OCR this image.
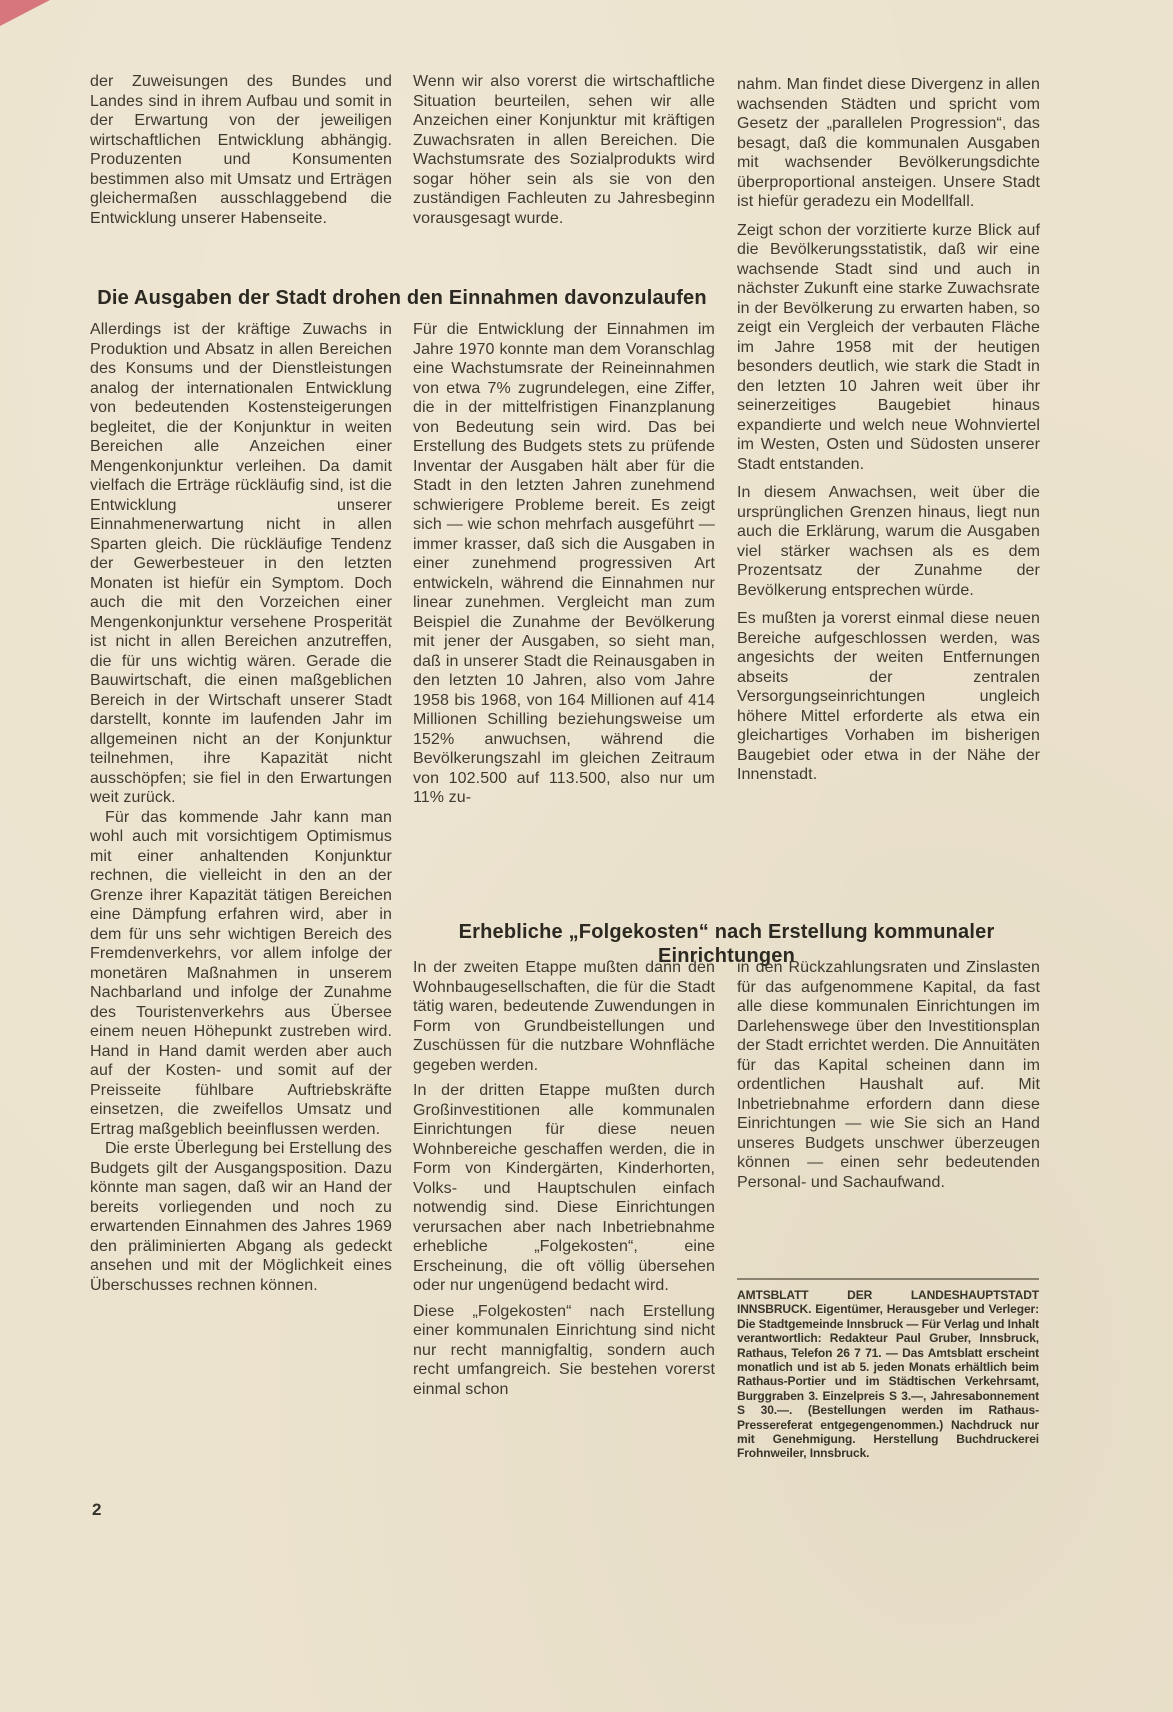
der Zuweisungen des Bundes und Landes sind in ihrem Aufbau und somit in der Erwartung von der jeweiligen wirtschaftlichen Entwicklung abhängig. Produzenten und Konsumenten bestimmen also mit Umsatz und Erträgen gleichermaßen ausschlaggebend die Entwicklung unserer Habenseite.

Wenn wir also vorerst die wirtschaftliche Situation beurteilen, sehen wir alle Anzeichen einer Konjunktur mit kräftigen Zuwachsraten in allen Bereichen. Die Wachstumsrate des Sozialprodukts wird sogar höher sein als sie von den zuständigen Fachleuten zu Jahresbeginn vorausgesagt wurde.

nahm. Man findet diese Divergenz in allen wachsenden Städten und spricht vom Gesetz der „parallelen Progression“, das besagt, daß die kommunalen Ausgaben mit wachsender Bevölkerungsdichte überproportional ansteigen. Unsere Stadt ist hiefür geradezu ein Modellfall.

Zeigt schon der vorzitierte kurze Blick auf die Bevölkerungsstatistik, daß wir eine wachsende Stadt sind und auch in nächster Zukunft eine starke Zuwachsrate in der Bevölkerung zu erwarten haben, so zeigt ein Vergleich der verbauten Fläche im Jahre 1958 mit der heutigen besonders deutlich, wie stark die Stadt in den letzten 10 Jahren weit über ihr seinerzeitiges Baugebiet hinaus expandierte und welch neue Wohnviertel im Westen, Osten und Südosten unserer Stadt entstanden.

In diesem Anwachsen, weit über die ursprünglichen Grenzen hinaus, liegt nun auch die Erklärung, warum die Ausgaben viel stärker wachsen als es dem Prozentsatz der Zunahme der Bevölkerung entsprechen würde.

Es mußten ja vorerst einmal diese neuen Bereiche aufgeschlossen werden, was angesichts der weiten Entfernungen abseits der zentralen Versorgungseinrichtungen ungleich höhere Mittel erforderte als etwa ein gleichartiges Vorhaben im bisherigen Baugebiet oder etwa in der Nähe der Innenstadt.

Die Ausgaben der Stadt drohen den Einnahmen davonzulaufen

Allerdings ist der kräftige Zuwachs in Produktion und Absatz in allen Bereichen des Konsums und der Dienstleistungen analog der internationalen Entwicklung von bedeutenden Kostensteigerungen begleitet, die der Konjunktur in weiten Bereichen alle Anzeichen einer Mengenkonjunktur verleihen. Da damit vielfach die Erträge rückläufig sind, ist die Entwicklung unserer Einnahmenerwartung nicht in allen Sparten gleich. Die rückläufige Tendenz der Gewerbesteuer in den letzten Monaten ist hiefür ein Symptom. Doch auch die mit den Vorzeichen einer Mengenkonjunktur versehene Prosperität ist nicht in allen Bereichen anzutreffen, die für uns wichtig wären. Gerade die Bauwirtschaft, die einen maßgeblichen Bereich in der Wirtschaft unserer Stadt darstellt, konnte im laufenden Jahr im allgemeinen nicht an der Konjunktur teilnehmen, ihre Kapazität nicht ausschöpfen; sie fiel in den Erwartungen weit zurück.

Für das kommende Jahr kann man wohl auch mit vorsichtigem Optimismus mit einer anhaltenden Konjunktur rechnen, die vielleicht in den an der Grenze ihrer Kapazität tätigen Bereichen eine Dämpfung erfahren wird, aber in dem für uns sehr wichtigen Bereich des Fremdenverkehrs, vor allem infolge der monetären Maßnahmen in unserem Nachbarland und infolge der Zunahme des Touristenverkehrs aus Übersee einem neuen Höhepunkt zustreben wird. Hand in Hand damit werden aber auch auf der Kosten- und somit auf der Preisseite fühlbare Auftriebskräfte einsetzen, die zweifellos Umsatz und Ertrag maßgeblich beeinflussen werden.

Die erste Überlegung bei Erstellung des Budgets gilt der Ausgangsposition. Dazu könnte man sagen, daß wir an Hand der bereits vorliegenden und noch zu erwartenden Einnahmen des Jahres 1969 den präliminierten Abgang als gedeckt ansehen und mit der Möglichkeit eines Überschusses rechnen können.

Für die Entwicklung der Einnahmen im Jahre 1970 konnte man dem Voranschlag eine Wachstumsrate der Reineinnahmen von etwa 7% zugrundelegen, eine Ziffer, die in der mittelfristigen Finanzplanung von Bedeutung sein wird. Das bei Erstellung des Budgets stets zu prüfende Inventar der Ausgaben hält aber für die Stadt in den letzten Jahren zunehmend schwierigere Probleme bereit. Es zeigt sich — wie schon mehrfach ausgeführt — immer krasser, daß sich die Ausgaben in einer zunehmend progressiven Art entwickeln, während die Einnahmen nur linear zunehmen. Vergleicht man zum Beispiel die Zunahme der Bevölkerung mit jener der Ausgaben, so sieht man, daß in unserer Stadt die Reinausgaben in den letzten 10 Jahren, also vom Jahre 1958 bis 1968, von 164 Millionen auf 414 Millionen Schilling beziehungsweise um 152% anwuchsen, während die Bevölkerungszahl im gleichen Zeitraum von 102.500 auf 113.500, also nur um 11% zu-

Erhebliche „Folgekosten“ nach Erstellung kommunaler Einrichtungen

In der zweiten Etappe mußten dann den Wohnbaugesellschaften, die für die Stadt tätig waren, bedeutende Zuwendungen in Form von Grundbeistellungen und Zuschüssen für die nutzbare Wohnfläche gegeben werden.

In der dritten Etappe mußten durch Großinvestitionen alle kommunalen Einrichtungen für diese neuen Wohnbereiche geschaffen werden, die in Form von Kindergärten, Kinderhorten, Volks- und Hauptschulen einfach notwendig sind. Diese Einrichtungen verursachen aber nach Inbetriebnahme erhebliche „Folgekosten“, eine Erscheinung, die oft völlig übersehen oder nur ungenügend bedacht wird.

Diese „Folgekosten“ nach Erstellung einer kommunalen Einrichtung sind nicht nur recht mannigfaltig, sondern auch recht umfangreich. Sie bestehen vorerst einmal schon

in den Rückzahlungsraten und Zinslasten für das aufgenommene Kapital, da fast alle diese kommunalen Einrichtungen im Darlehenswege über den Investitionsplan der Stadt errichtet werden. Die Annuitäten für das Kapital scheinen dann im ordentlichen Haushalt auf. Mit Inbetriebnahme erfordern dann diese Einrichtungen — wie Sie sich an Hand unseres Budgets unschwer überzeugen können — einen sehr bedeutenden Personal- und Sachaufwand.

AMTSBLATT DER LANDESHAUPTSTADT INNSBRUCK. Eigentümer, Herausgeber und Verleger: Die Stadtgemeinde Innsbruck — Für Verlag und Inhalt verantwortlich: Redakteur Paul Gruber, Innsbruck, Rathaus, Telefon 26 7 71. — Das Amtsblatt erscheint monatlich und ist ab 5. jeden Monats erhältlich beim Rathaus-Portier und im Städtischen Verkehrsamt, Burggraben 3. Einzelpreis S 3.—, Jahresabonnement S 30.—. (Bestellungen werden im Rathaus-Pressereferat entgegengenommen.) Nachdruck nur mit Genehmigung. Herstellung Buchdruckerei Frohnweiler, Innsbruck.

2
